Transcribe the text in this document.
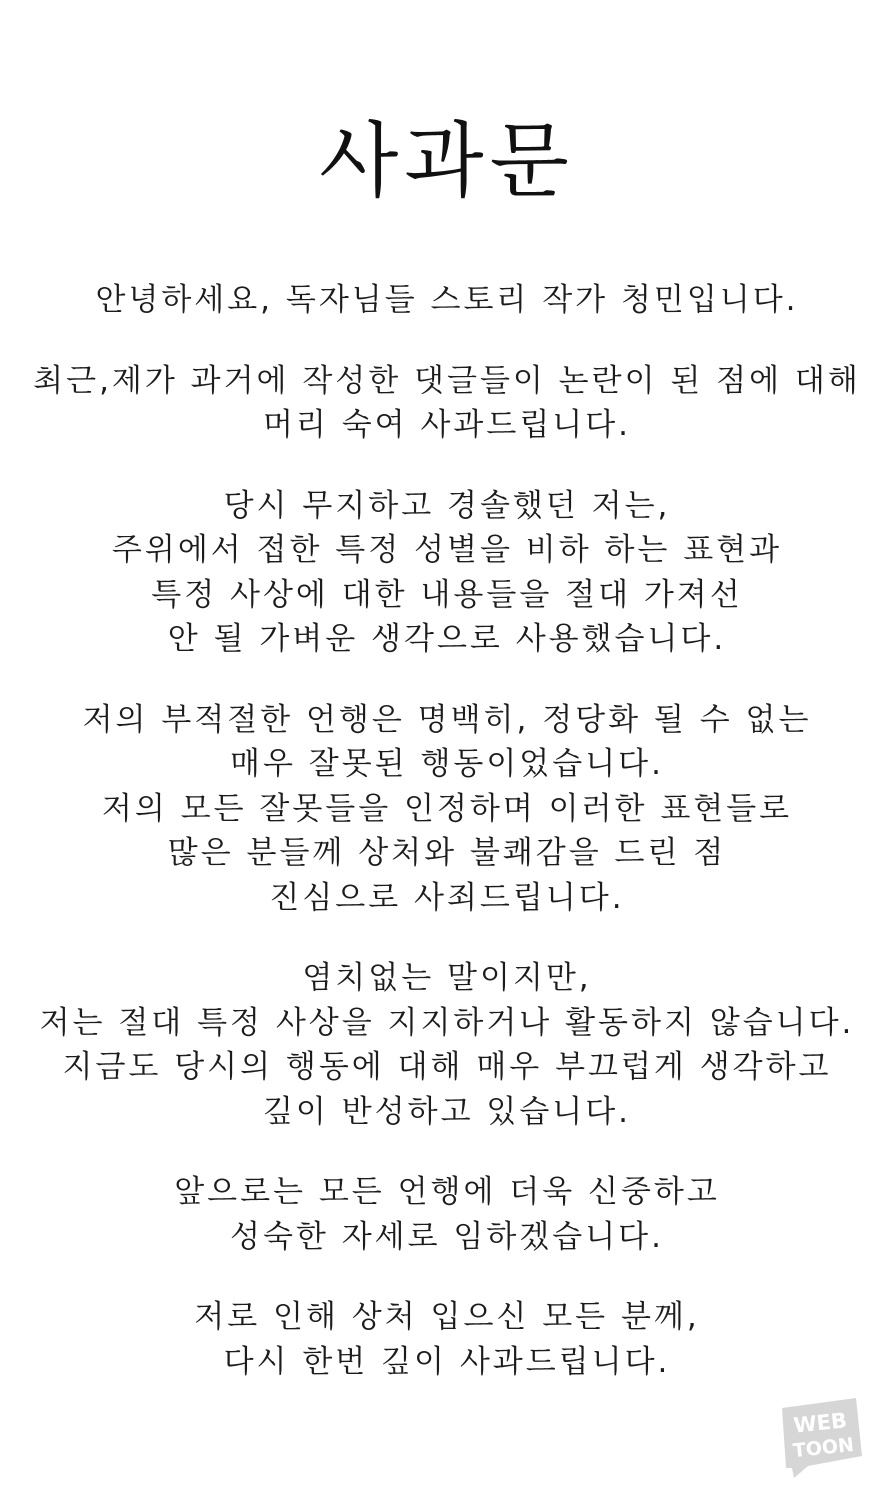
사과문
안녕하세요, 독자님들 스토리 작가 청민입니다.
최근,제가 과거에 작성한 댓글들이 논란이 된 점에 대해
머리 숙여 사과드립니다.
당시 무지하고 경솔했던 저는,
주위에서 접한 특정 성별을 비하 하는 표현과
특정 사상에 대한 내용들을 절대 가져선
안 될 가벼운 생각으로 사용했습니다.
저의 부적절한 언행은 명백히, 정당화 될 수 없는
매우 잘못된 행동이었습니다.
저의 모든 잘못들을 인정하며 이러한 표현들로
많은 분들께 상처와 불쾌감을 드린 점
진심으로 사죄드립니다.
염치없는 말이지만,
저는 절대 특정 사상을 지지하거나 활동하지 않습니다.
지금도 당시의 행동에 대해 매우 부끄럽게 생각하고
깊이 반성하고 있습니다.
앞으로는 모든 언행에 더욱 신중하고
성숙한 자세로 임하겠습니다.
저로 인해 상처 입으신 모든 분께,
다시 한번 깊이 사과드립니다.
WEB
TOON
